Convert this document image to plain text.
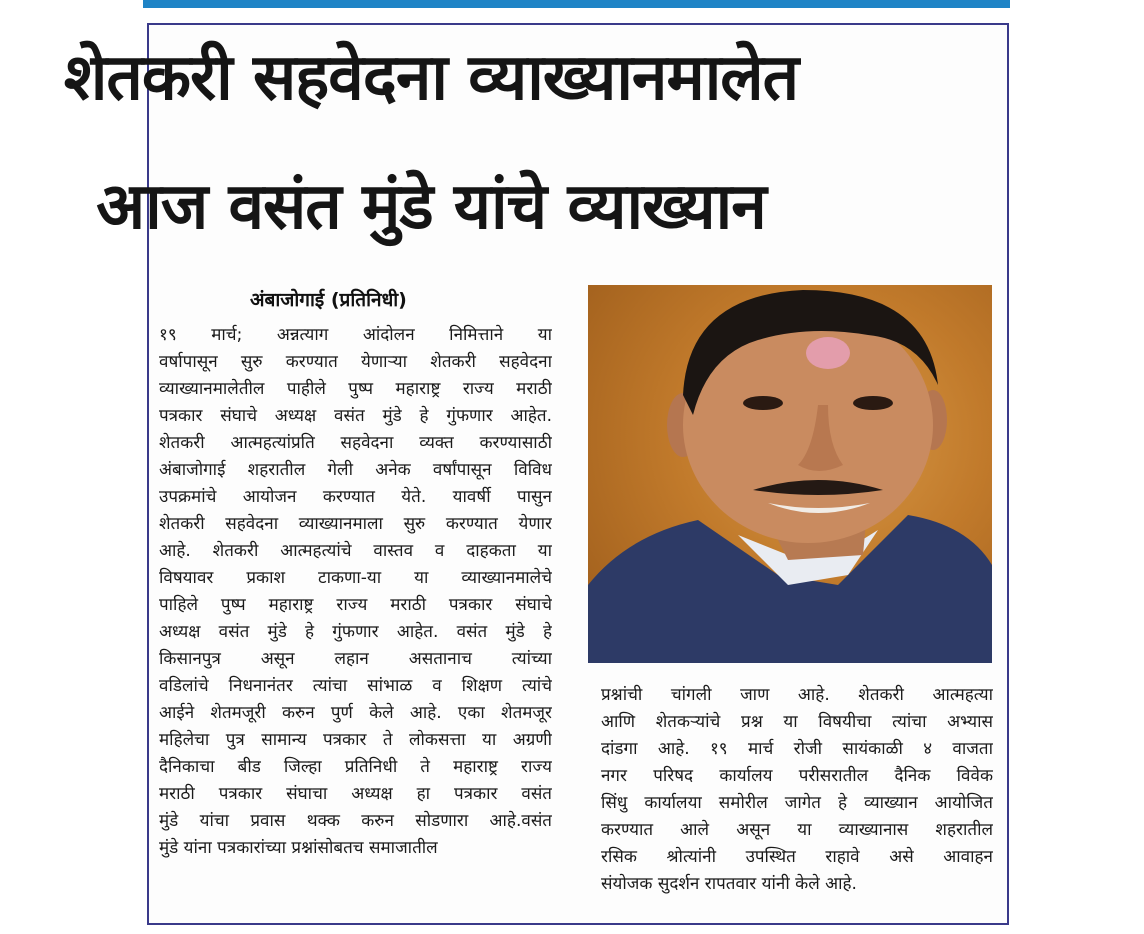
शेतकरी सहवेदना व्याख्यानमालेत
आज वसंत मुंडे यांचे व्याख्यान
अंबाजोगाई (प्रतिनिधी)
१९ मार्च; अन्नत्याग आंदोलन निमित्ताने या
वर्षापासून सुरु करण्यात येणाऱ्या शेतकरी सहवेदना
व्याख्यानमालेतील पाहीले पुष्प महाराष्ट्र राज्य मराठी
पत्रकार संघाचे अध्यक्ष वसंत मुंडे हे गुंफणार आहेत.
शेतकरी आत्महत्यांप्रति सहवेदना व्यक्त करण्यासाठी
अंबाजोगाई शहरातील गेली अनेक वर्षांपासून विविध
उपक्रमांचे आयोजन करण्यात येते. यावर्षी पासुन
शेतकरी सहवेदना व्याख्यानमाला सुरु करण्यात येणार
आहे. शेतकरी आत्महत्यांचे वास्तव व दाहकता या
विषयावर प्रकाश टाकणा-या या व्याख्यानमालेचे
पाहिले पुष्प महाराष्ट्र राज्य मराठी पत्रकार संघाचे
अध्यक्ष वसंत मुंडे हे गुंफणार आहेत. वसंत मुंडे हे
किसानपुत्र असून लहान असतानाच त्यांच्या
वडिलांचे निधनानंतर त्यांचा सांभाळ व शिक्षण त्यांचे
आईने शेतमजूरी करुन पुर्ण केले आहे. एका शेतमजूर
महिलेचा पुत्र सामान्य पत्रकार ते लोकसत्ता या अग्रणी
दैनिकाचा बीड जिल्हा प्रतिनिधी ते महाराष्ट्र राज्य
मराठी पत्रकार संघाचा अध्यक्ष हा पत्रकार वसंत
मुंडे यांचा प्रवास थक्क करुन सोडणारा आहे.वसंत
मुंडे यांना पत्रकारांच्या प्रश्नांसोबतच समाजातील
प्रश्नांची चांगली जाण आहे. शेतकरी आत्महत्या
आणि शेतकऱ्यांचे प्रश्न या विषयीचा त्यांचा अभ्यास
दांडगा आहे. १९ मार्च रोजी सायंकाळी ४ वाजता
नगर परिषद कार्यालय परीसरातील दैनिक विवेक
सिंधु कार्यालया समोरील जागेत हे व्याख्यान आयोजित
करण्यात आले असून या व्याख्यानास शहरातील
रसिक श्रोत्यांनी उपस्थित राहावे असे आवाहन
संयोजक सुदर्शन रापतवार यांनी केले आहे.
